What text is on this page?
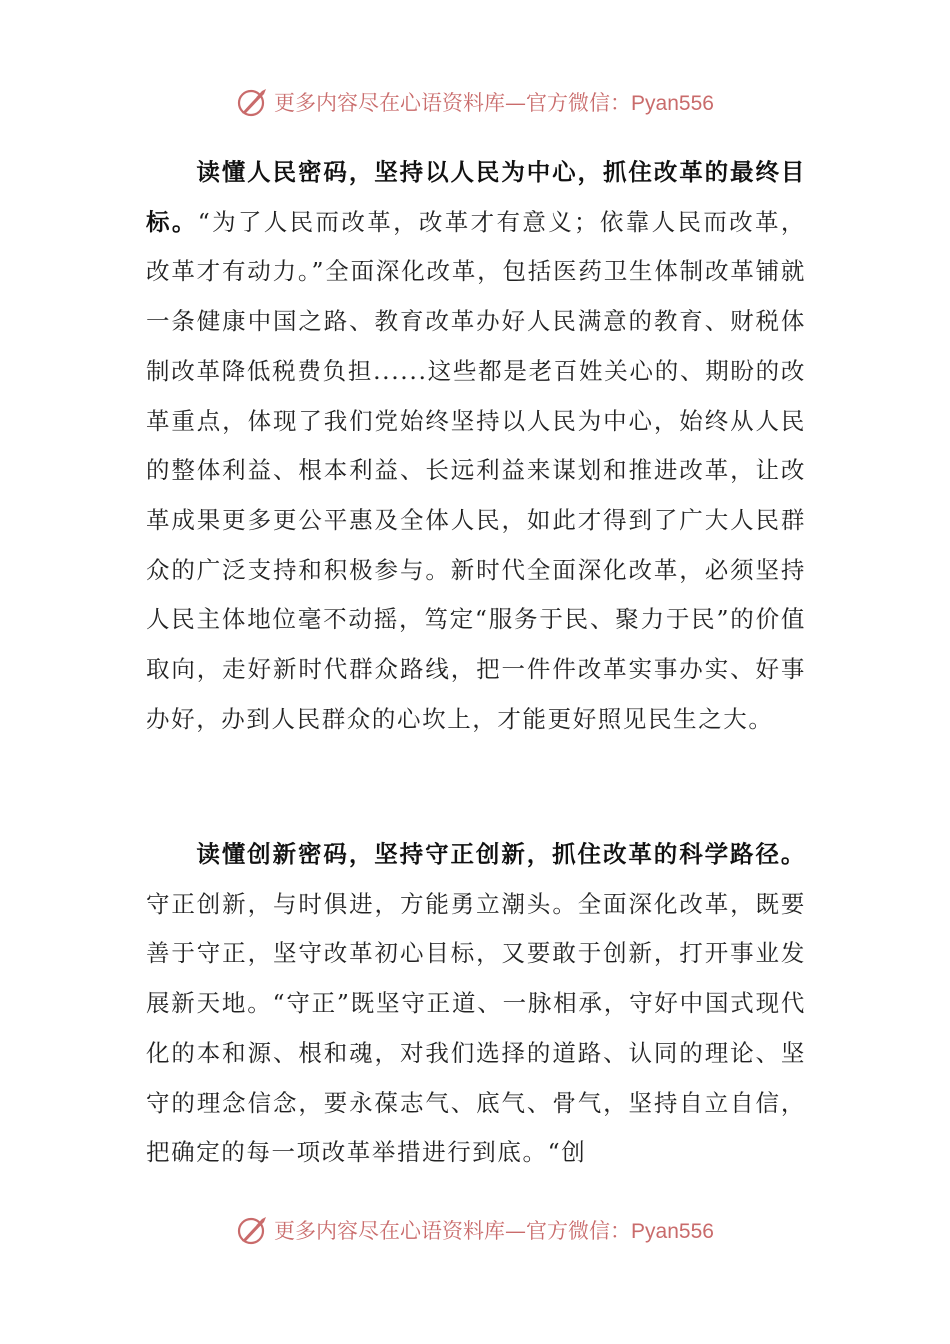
更多内容尽在心语资料库—官方微信：Pyan556

读懂人民密码，坚持以人民为中心，抓住改革的最终目标。“为了人民而改革，改革才有意义；依靠人民而改革，改革才有动力。”全面深化改革，包括医药卫生体制改革铺就一条健康中国之路、教育改革办好人民满意的教育、财税体制改革降低税费负担......这些都是老百姓关心的、期盼的改革重点，体现了我们党始终坚持以人民为中心，始终从人民的整体利益、根本利益、长远利益来谋划和推进改革，让改革成果更多更公平惠及全体人民，如此才得到了广大人民群众的广泛支持和积极参与。新时代全面深化改革，必须坚持人民主体地位毫不动摇，笃定“服务于民、聚力于民”的价值取向，走好新时代群众路线，把一件件改革实事办实、好事办好，办到人民群众的心坎上，才能更好照见民生之大。

读懂创新密码，坚持守正创新，抓住改革的科学路径。守正创新，与时俱进，方能勇立潮头。全面深化改革，既要善于守正，坚守改革初心目标，又要敢于创新，打开事业发展新天地。“守正”既坚守正道、一脉相承，守好中国式现代化的本和源、根和魂，对我们选择的道路、认同的理论、坚守的理念信念，要永葆志气、底气、骨气，坚持自立自信，把确定的每一项改革举措进行到底。“创

更多内容尽在心语资料库—官方微信：Pyan556
